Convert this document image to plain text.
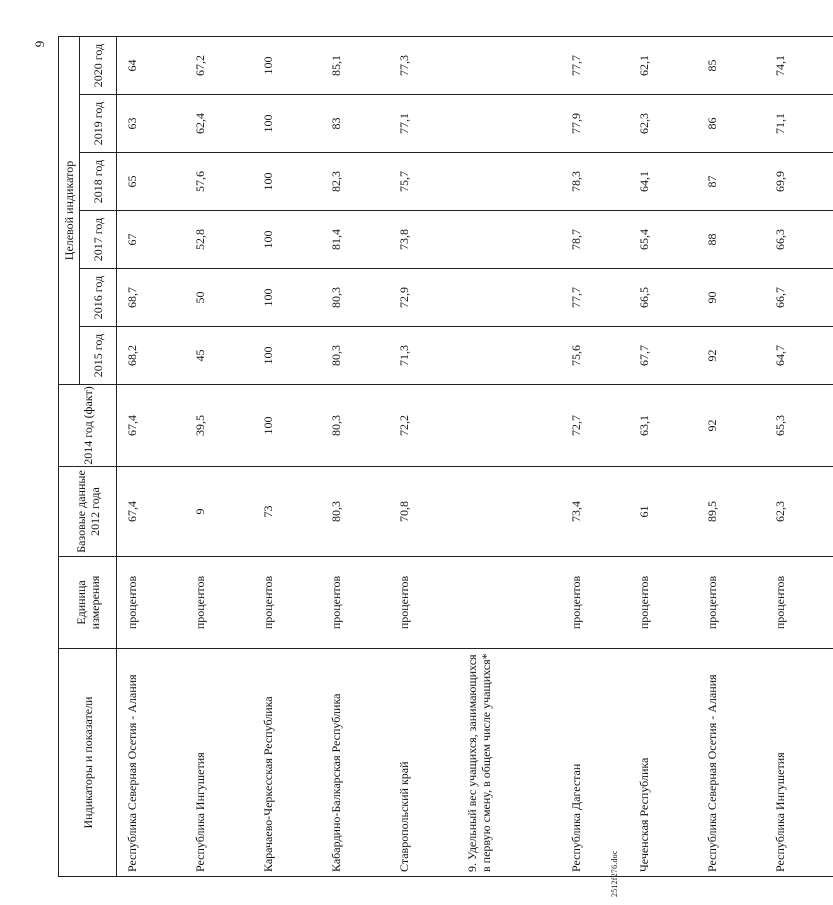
9
Индикаторы и показатели	Единица измерения	Базовые данные 2012 года	2014 год (факт)	Целевой индикатор					
				2015 год	2016 год	2017 год	2018 год	2019 год	2020 год
Республика Северная Осетия - Алания	процентов	67,4	67,4	68,2	68,7	67	65	63	64
Республика Ингушетия	процентов	9	39,5	45	50	52,8	57,6	62,4	67,2
Карачаево-Черкесская Республика	процентов	73	100	100	100	100	100	100	100
Кабардино-Балкарская Республика	процентов	80,3	80,3	80,3	80,3	81,4	82,3	83	85,1
Ставропольский край	процентов	70,8	72,2	71,3	72,9	73,8	75,7	77,1	77,3
9. Удельный вес учащихся, занимающихся в первую смену, в общем числе учащихся*									
Республика Дагестан	процентов	73,4	72,7	75,6	77,7	78,7	78,3	77,9	77,7
Чеченская Республика	процентов	61	63,1	67,7	66,5	65,4	64,1	62,3	62,1
Республика Северная Осетия - Алания	процентов	89,5	92	92	90	88	87	86	85
Республика Ингушетия	процентов	62,3	65,3	64,7	66,7	66,3	69,9	71,1	74,1
2512f276.doc
